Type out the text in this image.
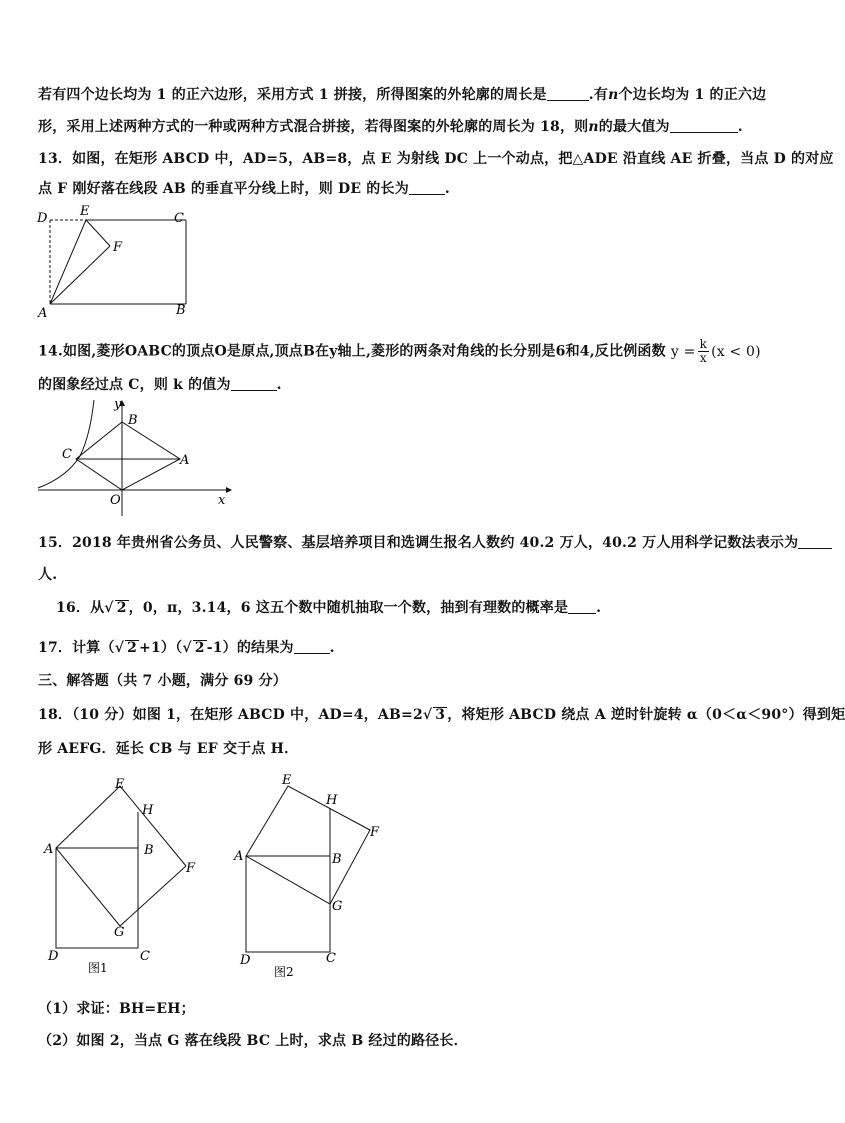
若有四个边长均为 1 的正六边形，采用方式 1 拼接，所得图案的外轮廓的周长是	.有n个边长均为 1 的正六边
形，采用上述两种方式的一种或两种方式混合拼接，若得图案的外轮廓的周长为 18，则n的最大值为	.
13．如图，在矩形 ABCD 中，AD=5，AB=8，点 E 为射线 DC 上一个动点，把△ADE 沿直线 AE 折叠，当点 D 的对应
点 F 刚好落在线段 AB 的垂直平分线上时，则 DE 的长为	.
D	E	C
F
A	B
14.如图,菱形OABC的顶点O是原点,顶点B在y轴上,菱形的两条对角线的长分别是6和4,反比例函数 $y = \frac{k}{x} (x < 0)$
的图象经过点 C，则 k 的值为	.
y
x
B
C	A
O
15．2018 年贵州省公务员、人民警察、基层培养项目和选调生报名人数约 40.2 万人，40.2 万人用科学记数法表示为
人.
16．从√ 2 ，0，π，3.14，6 这五个数中随机抽取一个数，抽到有理数的概率是 .
17．计算（√ 2 +1）（√ 2 -1）的结果为	.
三、解答题（共 7 小题，满分 69 分）
18．（10 分）如图 1，在矩形 ABCD 中，AD=4，AB=2√ 3 ，将矩形 ABCD 绕点 A 逆时针旋转 α（0＜α＜90°）得到矩
形 AEFG．延长 CB 与 EF 交于点 H．
E
H
A	B
F
G
D	C
图1
E
H
A	B
F
G
D	C
图2
（1）求证：BH=EH；
（2）如图 2，当点 G 落在线段 BC 上时，求点 B 经过的路径长．
